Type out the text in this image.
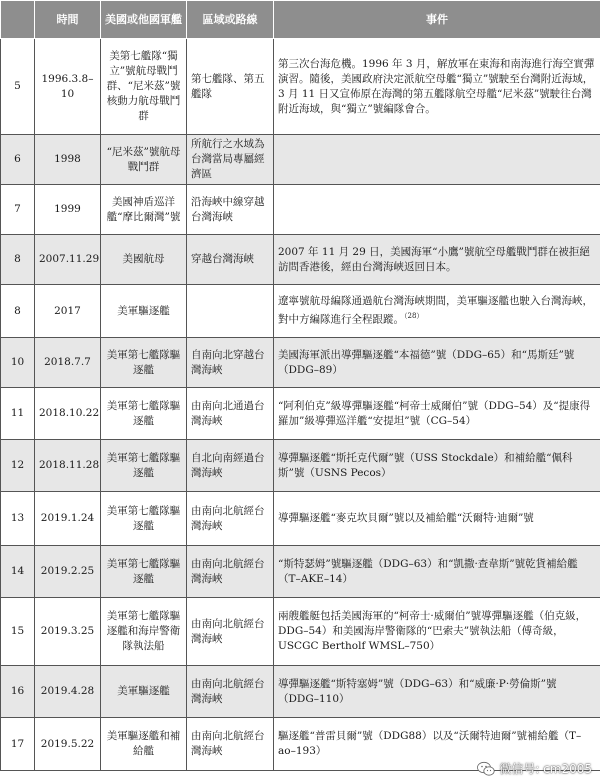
	時間	美國或他國軍艦	區域或路線	事件
5	1996.3.8–10	美第七艦隊“獨立”號航母戰鬥群、“尼米茲”號核動力航母戰鬥群	第七艦隊、第五艦隊	第三次台海危機。1996 年 3 月，解放軍在東海和南海進行海空實彈演習。隨後，美國政府決定派航空母艦“獨立”號駛至台灣附近海域，3 月 11 日又宣佈原在海灣的第五艦隊航空母艦“尼米茲”號駛往台灣附近海域，與“獨立”號編隊會合。
6	1998	“尼米茲”號航母戰鬥群	所航行之水域為台灣當局專屬經濟區	
7	1999	美國神盾巡洋艦“摩比爾灣”號	沿海峽中線穿越台灣海峽	
8	2007.11.29	美國航母	穿越台灣海峽	2007 年 11 月 29 日，美國海軍“小鷹”號航空母艦戰鬥群在被拒絕訪問香港後，經由台灣海峽返回日本。
8	2017	美軍驅逐艦		遼寧號航母編隊通過航台灣海峽期間，美軍驅逐艦也駛入台灣海峽，對中方編隊進行全程跟蹤。$^{(28)}$
10	2018.7.7	美軍第七艦隊驅逐艦	自南向北穿越台灣海峽	美國海軍派出導彈驅逐艦“本福德”號（DDG–65）和“馬斯廷”號（DDG–89）
11	2018.10.22	美軍第七艦隊驅逐艦	由南向北通過台灣海峽	“阿利伯克”級導彈驅逐艦“柯帝士威爾伯”號（DDG–54）及“提康得羅加”級導彈巡洋艦“安提坦”號（CG–54）
12	2018.11.28	美軍第七艦隊驅逐艦	自北向南經過台灣海峽	導彈驅逐艦“斯托克代爾”號（USS Stockdale）和補給艦“佩科斯”號（USNS Pecos）
13	2019.1.24	美軍第七艦隊驅逐艦	由南向北航經台灣海峽	導彈驅逐艦“麥克坎貝爾”號以及補給艦“沃爾特·迪爾”號
14	2019.2.25	美軍第七艦隊驅逐艦	由南向北航經台灣海峽	“斯特瑟姆”號驅逐艦（DDG–63）和“凱撒·查韋斯”號乾貨補給艦（T–AKE–14）
15	2019.3.25	美軍第七艦隊驅逐艦和海岸警衛隊執法船	由南向北航經台灣海峽	兩艘艦艇包括美國海軍的“柯帝士·威爾伯”號導彈驅逐艦（伯克級，DDG–54）和美國海岸警衛隊的“巴索夫”號執法船（傅奇級，USCGC Bertholf WMSL–750）
16	2019.4.28	美軍驅逐艦	由南向北航經台灣海峽	導彈驅逐艦“斯特塞姆”號（DDG–63）和“威廉·P·勞倫斯”號（DDG–110）
17	2019.5.22	美軍驅逐艦和補給艦	由南向北航經台灣海峽	驅逐艦“普雷貝爾”號（DDG88）以及“沃爾特迪爾”號補給艦（T–ao–193）
微信号: cm2005
